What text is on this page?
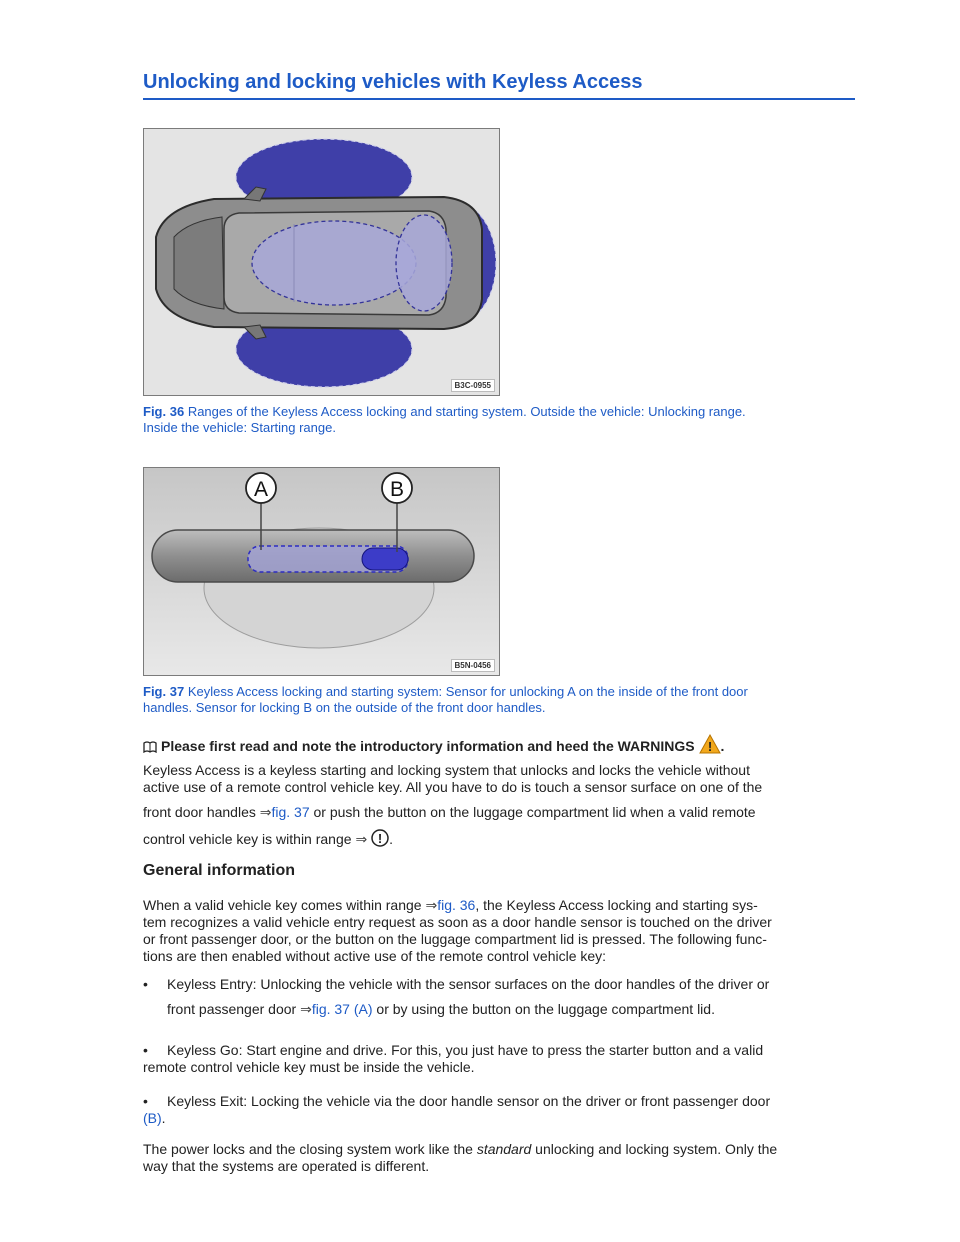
Unlocking and locking vehicles with Keyless Access
B3C-0955
Fig. 36 Ranges of the Keyless Access locking and starting system. Outside the vehicle: Unlocking range.
Inside the vehicle: Starting range.
A	B
B5N-0456
Fig. 37 Keyless Access locking and starting system: Sensor for unlocking A on the inside of the front door
handles. Sensor for locking B on the outside of the front door handles.
Please first read and note the introductory information and heed the WARNINGS ! .
Keyless Access is a keyless starting and locking system that unlocks and locks the vehicle without
active use of a remote control vehicle key. All you have to do is touch a sensor surface on one of the
front door handles ⇒fig. 37 or push the button on the luggage compartment lid when a valid remote
control vehicle key is within range ⇒ ! .
General information
When a valid vehicle key comes within range ⇒fig. 36, the Keyless Access locking and starting sys-
tem recognizes a valid vehicle entry request as soon as a door handle sensor is touched on the driver
or front passenger door, or the button on the luggage compartment lid is pressed. The following func-
tions are then enabled without active use of the remote control vehicle key:
•	Keyless Entry: Unlocking the vehicle with the sensor surfaces on the door handles of the driver or
front passenger door ⇒fig. 37 (A) or by using the button on the luggage compartment lid.
•	Keyless Go: Start engine and drive. For this, you just have to press the starter button and a valid
remote control vehicle key must be inside the vehicle.
•	Keyless Exit: Locking the vehicle via the door handle sensor on the driver or front passenger door
(B).
The power locks and the closing system work like the standard unlocking and locking system. Only the
way that the systems are operated is different.
